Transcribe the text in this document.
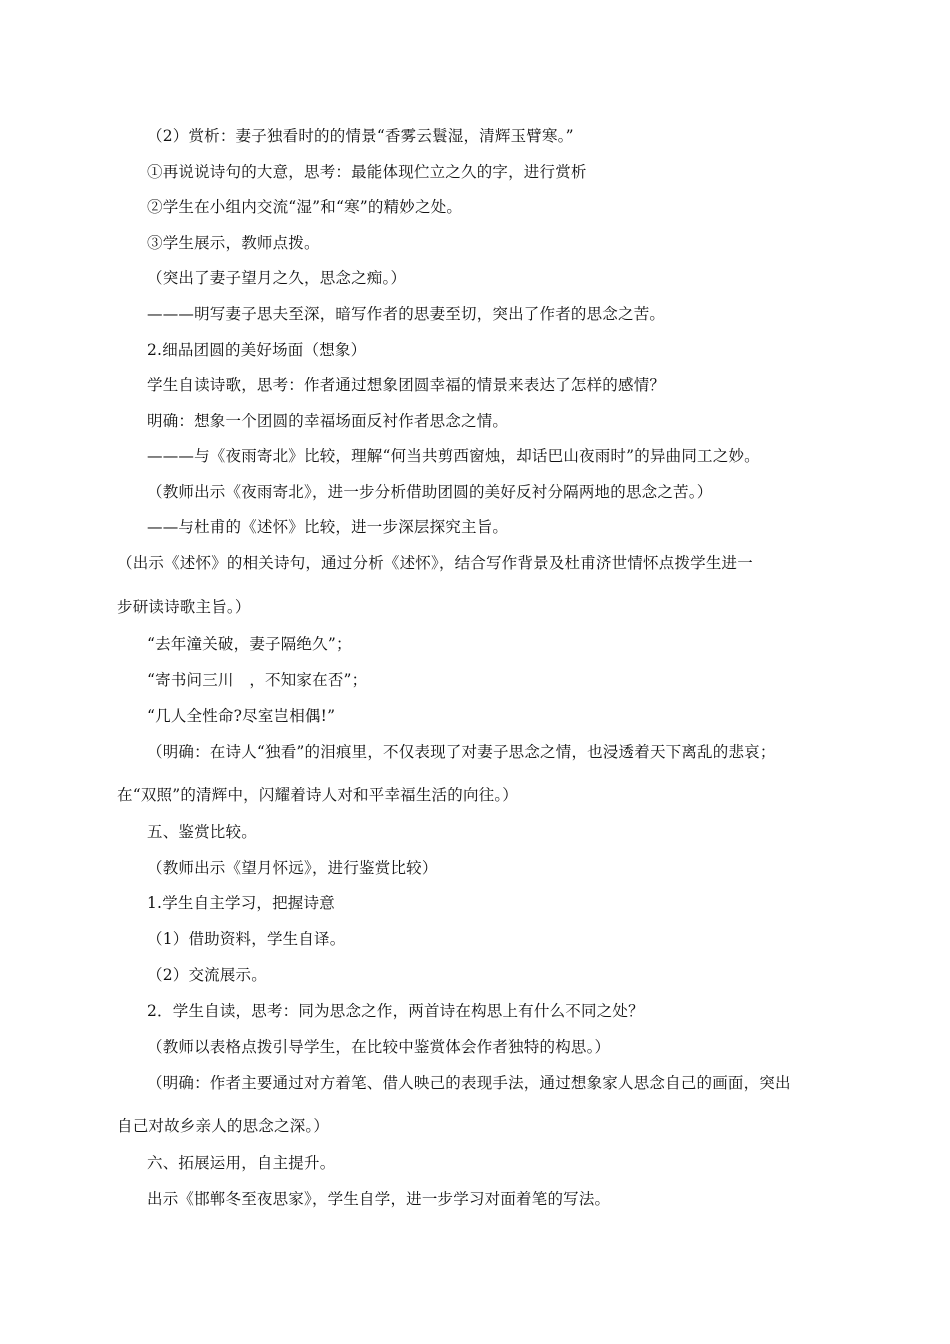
（2）赏析：妻子独看时的的情景“香雾云鬟湿，清辉玉臂寒。”
①再说说诗句的大意，思考：最能体现伫立之久的字，进行赏析
②学生在小组内交流“湿”和“寒”的精妙之处。
③学生展示，教师点拨。
（突出了妻子望月之久，思念之痴。）
———明写妻子思夫至深，暗写作者的思妻至切，突出了作者的思念之苦。
2.细品团圆的美好场面（想象）
学生自读诗歌，思考：作者通过想象团圆幸福的情景来表达了怎样的感情？
明确：想象一个团圆的幸福场面反衬作者思念之情。
———与《夜雨寄北》比较，理解“何当共剪西窗烛，却话巴山夜雨时”的异曲同工之妙。
（教师出示《夜雨寄北》，进一步分析借助团圆的美好反衬分隔两地的思念之苦。）
——与杜甫的《述怀》比较，进一步深层探究主旨。
（出示《述怀》的相关诗句，通过分析《述怀》，结合写作背景及杜甫济世情怀点拨学生进一
步研读诗歌主旨。）
“去年潼关破，妻子隔绝久”；
“寄书问三川　，不知家在否”；
“几人全性命?尽室岂相偶!”
（明确：在诗人“独看”的泪痕里，不仅表现了对妻子思念之情，也浸透着天下离乱的悲哀；
在“双照”的清辉中，闪耀着诗人对和平幸福生活的向往。）
五、鉴赏比较。
（教师出示《望月怀远》，进行鉴赏比较）
1.学生自主学习，把握诗意
（1）借助资料，学生自译。
（2）交流展示。
2．学生自读，思考：同为思念之作，两首诗在构思上有什么不同之处？
（教师以表格点拨引导学生，在比较中鉴赏体会作者独特的构思。）
（明确：作者主要通过对方着笔、借人映己的表现手法，通过想象家人思念自己的画面，突出
自己对故乡亲人的思念之深。）
六、拓展运用，自主提升。
出示《邯郸冬至夜思家》，学生自学，进一步学习对面着笔的写法。
